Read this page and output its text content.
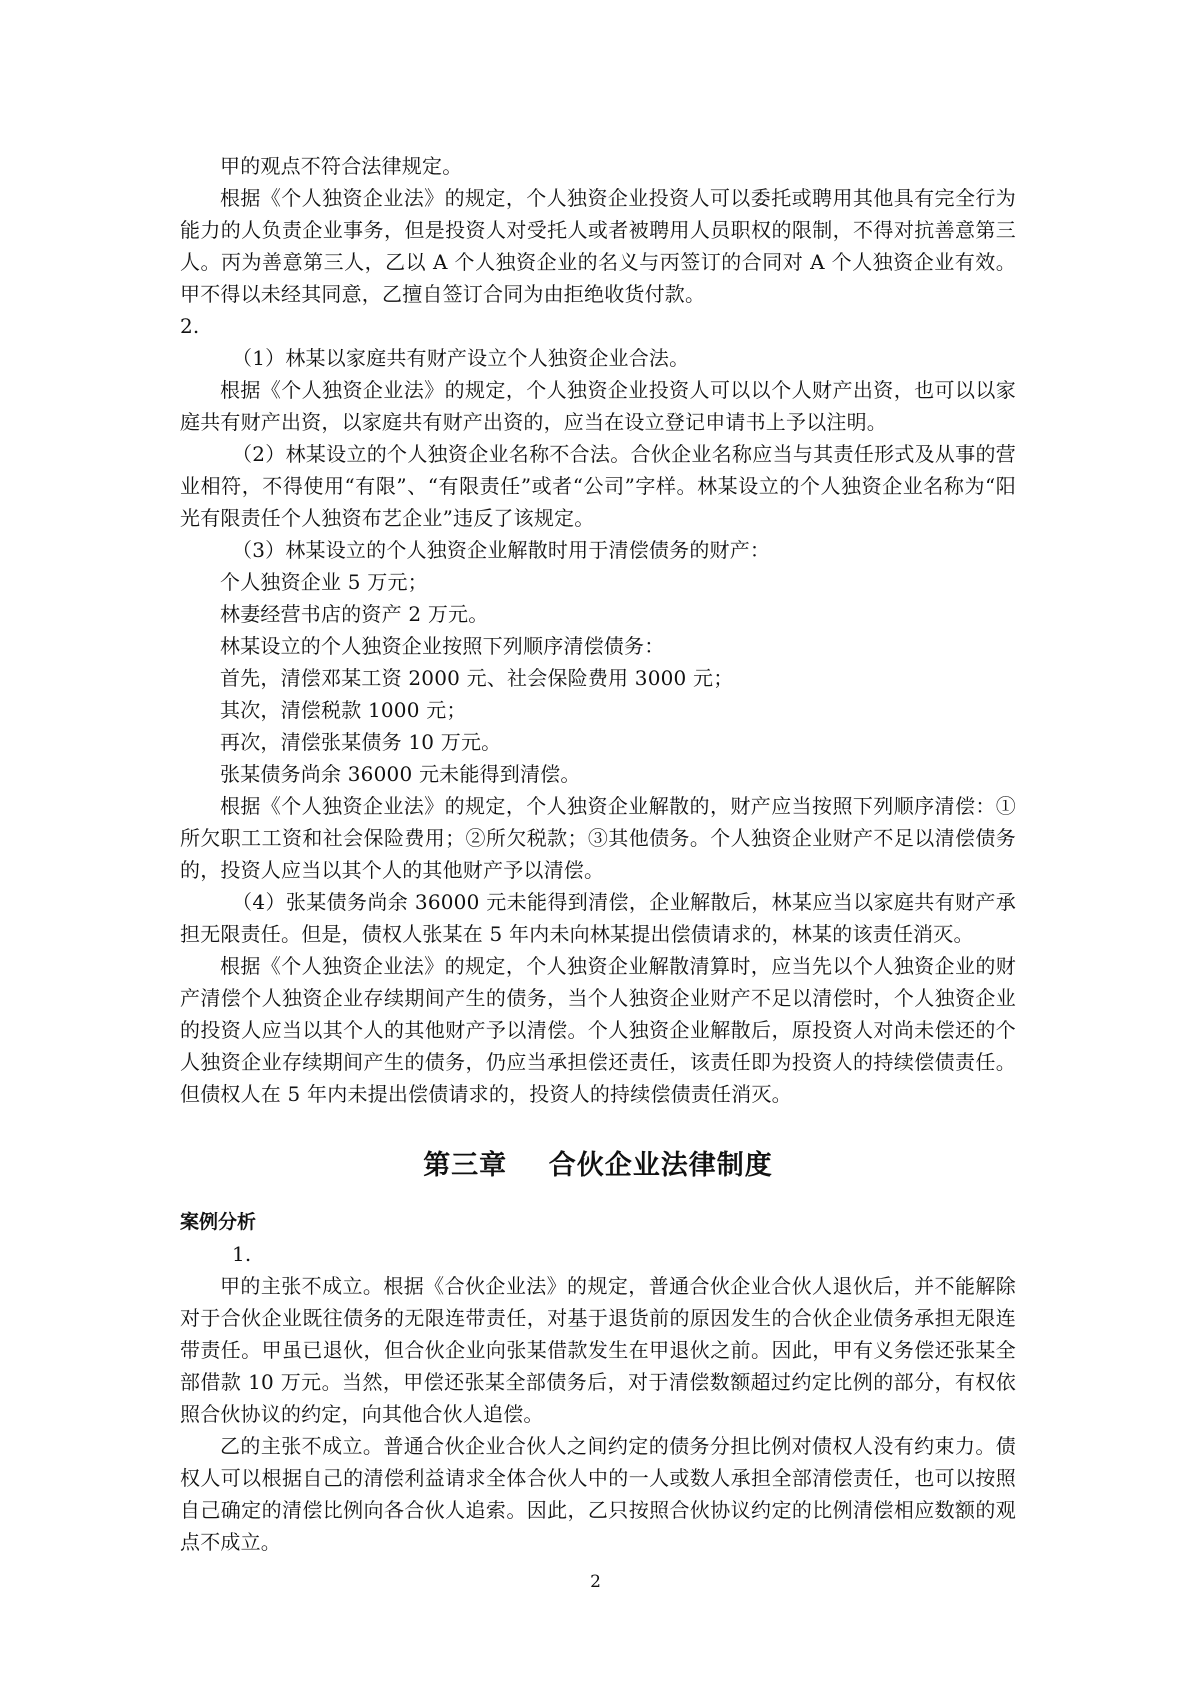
甲的观点不符合法律规定。

根据《个人独资企业法》的规定，个人独资企业投资人可以委托或聘用其他具有完全行为能力的人负责企业事务，但是投资人对受托人或者被聘用人员职权的限制，不得对抗善意第三人。丙为善意第三人，乙以 A 个人独资企业的名义与丙签订的合同对 A 个人独资企业有效。甲不得以未经其同意，乙擅自签订合同为由拒绝收货付款。

2.

（1）林某以家庭共有财产设立个人独资企业合法。

根据《个人独资企业法》的规定，个人独资企业投资人可以以个人财产出资，也可以以家庭共有财产出资，以家庭共有财产出资的，应当在设立登记申请书上予以注明。

（2）林某设立的个人独资企业名称不合法。合伙企业名称应当与其责任形式及从事的营业相符，不得使用“有限”、“有限责任”或者“公司”字样。林某设立的个人独资企业名称为“阳光有限责任个人独资布艺企业”违反了该规定。

（3）林某设立的个人独资企业解散时用于清偿债务的财产：

个人独资企业 5 万元；

林妻经营书店的资产 2 万元。

林某设立的个人独资企业按照下列顺序清偿债务：

首先，清偿邓某工资 2000 元、社会保险费用 3000 元；

其次，清偿税款 1000 元；

再次，清偿张某债务 10 万元。

张某债务尚余 36000 元未能得到清偿。

根据《个人独资企业法》的规定，个人独资企业解散的，财产应当按照下列顺序清偿：①所欠职工工资和社会保险费用；②所欠税款；③其他债务。个人独资企业财产不足以清偿债务的，投资人应当以其个人的其他财产予以清偿。

（4）张某债务尚余 36000 元未能得到清偿，企业解散后，林某应当以家庭共有财产承担无限责任。但是，债权人张某在 5 年内未向林某提出偿债请求的，林某的该责任消灭。

根据《个人独资企业法》的规定，个人独资企业解散清算时，应当先以个人独资企业的财产清偿个人独资企业存续期间产生的债务，当个人独资企业财产不足以清偿时，个人独资企业的投资人应当以其个人的其他财产予以清偿。个人独资企业解散后，原投资人对尚未偿还的个人独资企业存续期间产生的债务，仍应当承担偿还责任，该责任即为投资人的持续偿债责任。但债权人在 5 年内未提出偿债请求的，投资人的持续偿债责任消灭。

第三章    合伙企业法律制度

案例分析

1.

甲的主张不成立。根据《合伙企业法》的规定，普通合伙企业合伙人退伙后，并不能解除对于合伙企业既往债务的无限连带责任，对基于退货前的原因发生的合伙企业债务承担无限连带责任。甲虽已退伙，但合伙企业向张某借款发生在甲退伙之前。因此，甲有义务偿还张某全部借款 10 万元。当然，甲偿还张某全部债务后，对于清偿数额超过约定比例的部分，有权依照合伙协议的约定，向其他合伙人追偿。

乙的主张不成立。普通合伙企业合伙人之间约定的债务分担比例对债权人没有约束力。债权人可以根据自己的清偿利益请求全体合伙人中的一人或数人承担全部清偿责任，也可以按照自己确定的清偿比例向各合伙人追索。因此，乙只按照合伙协议约定的比例清偿相应数额的观点不成立。

2
